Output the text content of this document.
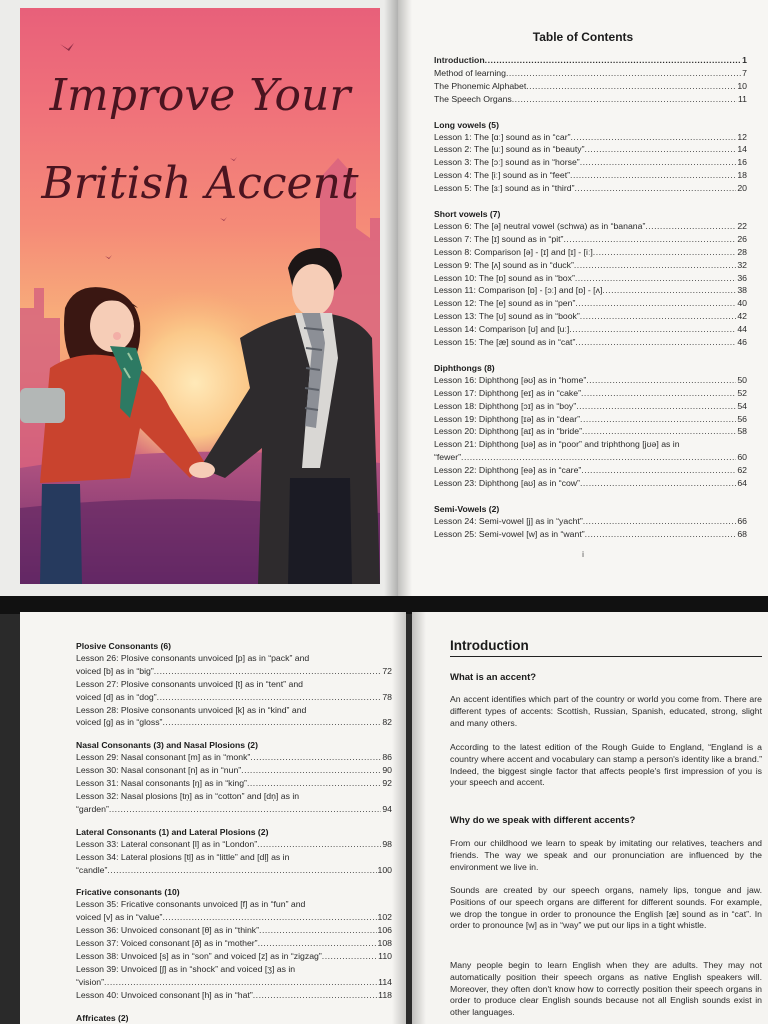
Improve Your
British Accent
Table of Contents
Introduction .....	1
Method of learning .....	7
The Phonemic Alphabet .....	10
The Speech Organs .....	11
Long vowels (5)
Lesson 1: The [ɑː] sound as in “car” .....	12
Lesson 2: The [uː] sound as in “beauty” .....	14
Lesson 3: The [ɔː] sound as in “horse” .....	16
Lesson 4: The [iː] sound as in “feet” .....	18
Lesson 5: The [ɜː] sound as in “third” .....	20
Short vowels (7)
Lesson 6: The [ə] neutral vowel (schwa) as in “banana” .....	22
Lesson 7: The [ɪ] sound as in “pit” .....	26
Lesson 8: Comparison [ə] - [ɪ] and [ɪ] - [iː] .....	28
Lesson 9: The [ʌ] sound as in “duck” .....	32
Lesson 10: The [ɒ] sound as in “box” .....	36
Lesson 11: Comparison [ɒ] - [ɔː] and [ɒ] - [ʌ] .....	38
Lesson 12: The [e] sound as in “pen” .....	40
Lesson 13: The [ʊ] sound as in “book” .....	42
Lesson 14: Comparison [ʊ] and [uː] .....	44
Lesson 15: The [æ] sound as in “cat” .....	46
Diphthongs (8)
Lesson 16: Diphthong [əʊ] as in “home” .....	50
Lesson 17: Diphthong [eɪ] as in “cake” .....	52
Lesson 18: Diphthong [ɔɪ] as in “boy” .....	54
Lesson 19: Diphthong [ɪə] as in “dear” .....	56
Lesson 20: Diphthong [aɪ] as in “bride” .....	58
Lesson 21: Diphthong [ʊə] as in “poor” and triphthong [jʊə] as in
“fewer” .....	60
Lesson 22: Diphthong [eə] as in “care” .....	62
Lesson 23: Diphthong [aʊ] as in “cow” .....	64
Semi-Vowels (2)
Lesson 24: Semi-vowel [j] as in “yacht” .....	66
Lesson 25: Semi-vowel [w] as in “want” .....	68
i
Plosive Consonants (6)
Lesson 26: Plosive consonants unvoiced [p] as in “pack” and
voiced [b] as in “big” .....	72
Lesson 27: Plosive consonants unvoiced [t] as in “tent” and
voiced [d] as in “dog” .....	78
Lesson 28: Plosive consonants unvoiced [k] as in “kind” and
voiced [g] as in “gloss” .....	82
Nasal Consonants (3) and Nasal Plosions (2)
Lesson 29: Nasal consonant [m] as in “monk” .....	86
Lesson 30: Nasal consonant [n] as in “nun” .....	90
Lesson 31: Nasal consonants [ŋ] as in “king” .....	92
Lesson 32: Nasal plosions [tn̩] as in “cotton” and [dn̩] as in
“garden” .....	94
Lateral Consonants (1) and Lateral Plosions (2)
Lesson 33: Lateral consonant [l] as in “London” .....	98
Lesson 34: Lateral plosions [tl̩] as in “little” and [dl̩] as in
“candle” .....	100
Fricative consonants (10)
Lesson 35: Fricative consonants unvoiced [f] as in “fun” and
voiced [v] as in “value” .....	102
Lesson 36: Unvoiced consonant [θ] as in “think” .....	106
Lesson 37: Voiced consonant [ð] as in “mother” .....	108
Lesson 38: Unvoiced [s] as in “son” and voiced [z] as in “zigzag” .....	110
Lesson 39: Unvoiced [ʃ] as in “shock” and voiced [ʒ] as in
“vision” .....	114
Lesson 40: Unvoiced consonant [h] as in “hat” .....	118
Affricates (2)
.....
Introduction
What is an accent?
An accent identifies which part of the country or world you come from. There are different types of accents: Scottish, Russian, Spanish, educated, strong, slight and many others.
According to the latest edition of the Rough Guide to England, “England is a country where accent and vocabulary can stamp a person's identity like a brand.” Indeed, the biggest single factor that affects people's first impression of you is your speech and accent.
Why do we speak with different accents?
From our childhood we learn to speak by imitating our relatives, teachers and friends. The way we speak and our pronunciation are influenced by the environment we live in.
Sounds are created by our speech organs, namely lips, tongue and jaw. Positions of our speech organs are different for different sounds. For example, we drop the tongue in order to pronounce the English [æ] sound as in “cat”. In order to pronounce [w] as in “way” we put our lips in a tight whistle.
Many people begin to learn English when they are adults. They may not automatically position their speech organs as native English speakers will. Moreover, they often don't know how to correctly position their speech organs in order to produce clear English sounds because not all English sounds exist in other languages.
